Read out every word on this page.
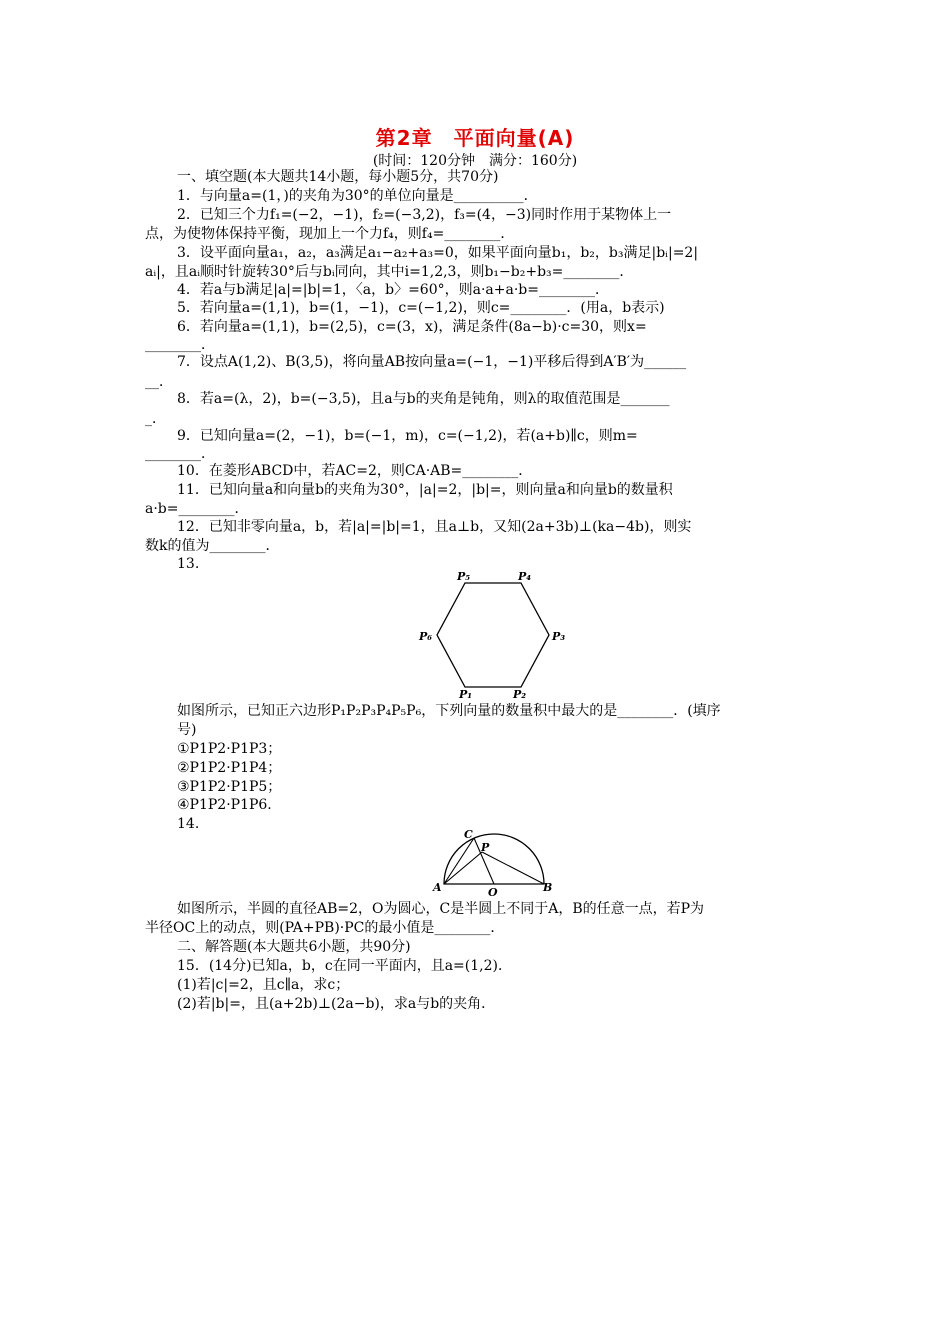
第2章　平面向量(A)
(时间：120分钟　满分：160分)
一、填空题(本大题共14小题，每小题5分，共70分)
1．与向量a=(1，)的夹角为30°的单位向量是__________．
2．已知三个力f₁=(−2，−1)，f₂=(−3,2)，f₃=(4，−3)同时作用于某物体上一
点，为使物体保持平衡，现加上一个力f₄，则f₄=________．
3．设平面向量a₁，a₂，a₃满足a₁−a₂+a₃=0，如果平面向量b₁，b₂，b₃满足|bᵢ|=2|
aᵢ|，且aᵢ顺时针旋转30°后与bᵢ同向，其中i=1,2,3，则b₁−b₂+b₃=________．
4．若a与b满足|a|=|b|=1，〈a，b〉=60°，则a·a+a·b=________．
5．若向量a=(1,1)，b=(1，−1)，c=(−1,2)，则c=________．(用a，b表示)
6．若向量a=(1,1)，b=(2,5)，c=(3，x)，满足条件(8a−b)·c=30，则x=
________．
7．设点A(1,2)、B(3,5)，将向量AB按向量a=(−1，−1)平移后得到A′B′为______
__．
8．若a=(λ，2)，b=(−3,5)，且a与b的夹角是钝角，则λ的取值范围是_______
_．
9．已知向量a=(2，−1)，b=(−1，m)，c=(−1,2)，若(a+b)∥c，则m=
________．
10．在菱形ABCD中，若AC=2，则CA·AB=________．
11．已知向量a和向量b的夹角为30°，|a|=2，|b|=，则向量a和向量b的数量积
a·b=________．
12．已知非零向量a，b，若|a|=|b|=1，且a⊥b，又知(2a+3b)⊥(ka−4b)，则实
数k的值为________．
13.
P₁	P₂
P₃
P₄
P₅
P₆
如图所示，已知正六边形P₁P₂P₃P₄P₅P₆，下列向量的数量积中最大的是________．(填序
号)
①P1P2·P1P3；
②P1P2·P1P4；
③P1P2·P1P5；
④P1P2·P1P6.
14.
C
P
A	O	B
如图所示，半圆的直径AB=2，O为圆心，C是半圆上不同于A，B的任意一点，若P为
半径OC上的动点，则(PA+PB)·PC的最小值是________．
二、解答题(本大题共6小题，共90分)
15．(14分)已知a，b，c在同一平面内，且a=(1,2)．
(1)若|c|=2，且c∥a，求c；
(2)若|b|=，且(a+2b)⊥(2a−b)，求a与b的夹角．
